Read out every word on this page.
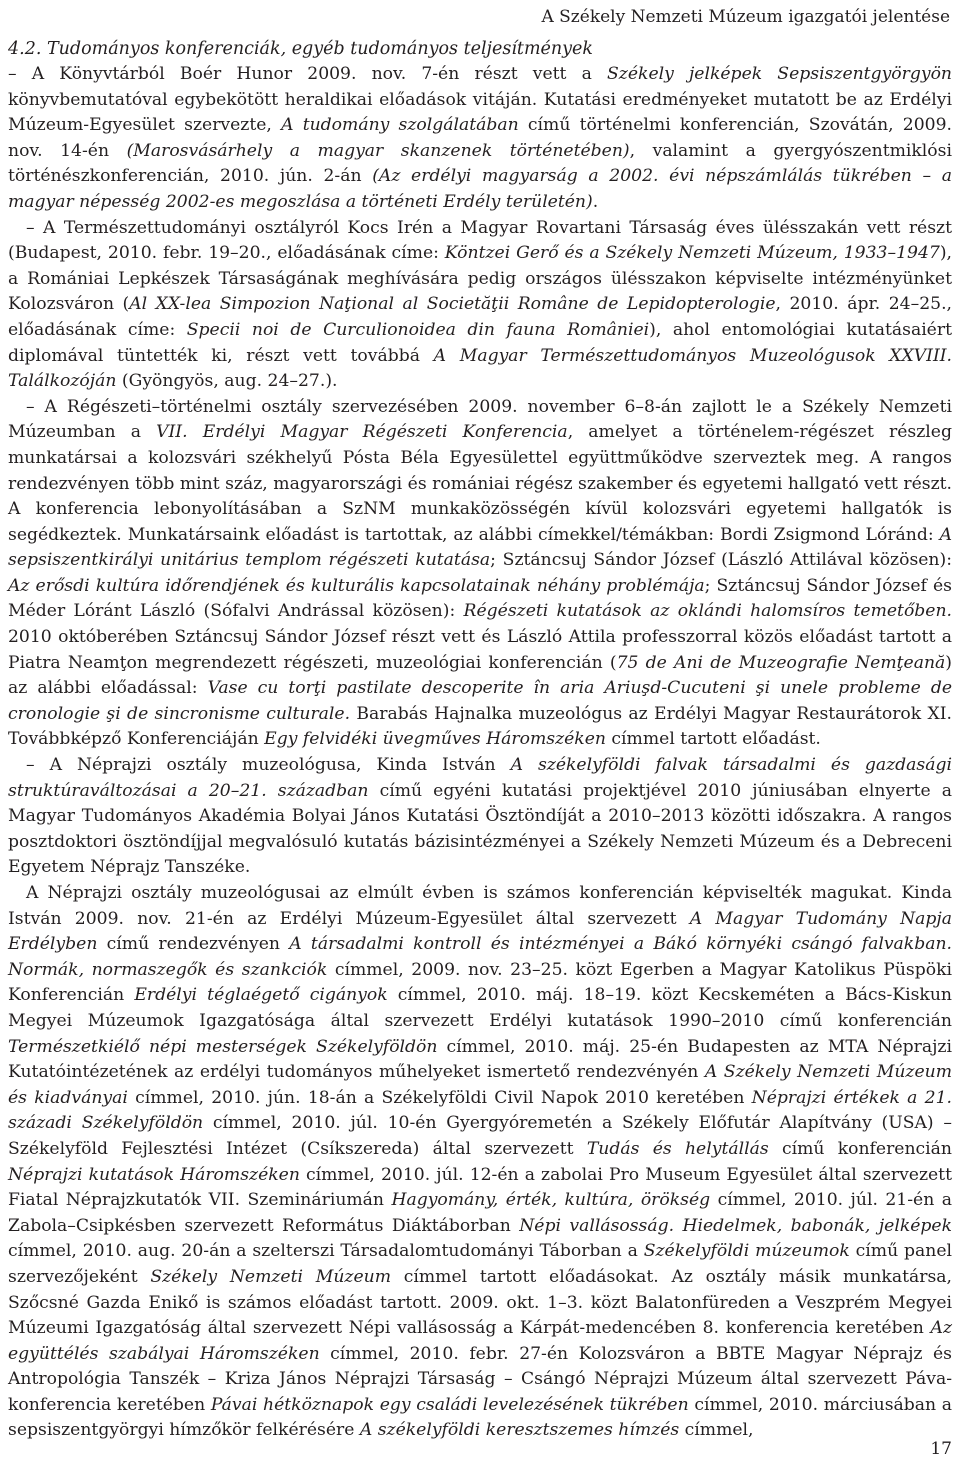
A Székely Nemzeti Múzeum igazgatói jelentése
4.2. Tudományos konferenciák, egyéb tudományos teljesítmények

– A Könyvtárból Boér Hunor 2009. nov. 7-én részt vett a Székely jelképek Sepsiszentgyörgyön könyvbemutatóval egybekötött heraldikai előadások vitáján. Kutatási eredményeket mutatott be az Erdélyi Múzeum-Egyesület szervezte, A tudomány szolgálatában című történelmi konferencián, Szovátán, 2009. nov. 14-én (Marosvásárhely a magyar skanzenek történetében), valamint a gyergyószentmiklósi történészkonferencián, 2010. jún. 2-án (Az erdélyi magyarság a 2002. évi népszámlálás tükrében – a magyar népesség 2002-es megoszlása a történeti Erdély területén).

– A Természettudományi osztályról Kocs Irén a Magyar Rovartani Társaság éves ülésszakán vett részt (Budapest, 2010. febr. 19–20., előadásának címe: Köntzei Gerő és a Székely Nemzeti Múzeum, 1933–1947), a Romániai Lepkészek Társaságának meghívására pedig országos ülésszakon képviselte intézményünket Kolozsváron (Al XX-lea Simpozion Naţional al Societăţii Române de Lepidopterologie, 2010. ápr. 24–25., előadásának címe: Specii noi de Curculionoidea din fauna României), ahol entomológiai kutatásaiért diplomával tüntették ki, részt vett továbbá A Magyar Természettudományos Muzeológusok XXVIII. Találkozóján (Gyöngyös, aug. 24–27.).

– A Régészeti–történelmi osztály szervezésében 2009. november 6–8-án zajlott le a Székely Nemzeti Múzeumban a VII. Erdélyi Magyar Régészeti Konferencia, amelyet a történelem-régészet részleg munkatársai a kolozsvári székhelyű Pósta Béla Egyesülettel együttműködve szerveztek meg. A rangos rendezvényen több mint száz, magyarországi és romániai régész szakember és egyetemi hallgató vett részt. A konferencia lebonyolításában a SzNM munkaközösségén kívül kolozsvári egyetemi hallgatók is segédkeztek. Munkatársaink előadást is tartottak, az alábbi címekkel/témákban: Bordi Zsigmond Lóránd: A sepsiszentkirályi unitárius templom régészeti kutatása; Sztáncsuj Sándor József (László Attilával közösen): Az erősdi kultúra időrendjének és kulturális kapcsolatainak néhány problémája; Sztáncsuj Sándor József és Méder Lóránt László (Sófalvi Andrással közösen): Régészeti kutatások az oklándi halomsíros temetőben. 2010 októberében Sztáncsuj Sándor József részt vett és László Attila professzorral közös előadást tartott a Piatra Neamţon megrendezett régészeti, muzeológiai konferencián (75 de Ani de Muzeografie Nemţeană) az alábbi előadással: Vase cu torţi pastilate descoperite în aria Ariuşd-Cucuteni şi unele probleme de cronologie şi de sincronisme culturale. Barabás Hajnalka muzeológus az Erdélyi Magyar Restaurátorok XI. Továbbképző Konferenciáján Egy felvidéki üvegműves Háromszéken címmel tartott előadást.

– A Néprajzi osztály muzeológusa, Kinda István A székelyföldi falvak társadalmi és gazdasági struktúraváltozásai a 20–21. században című egyéni kutatási projektjével 2010 júniusában elnyerte a Magyar Tudományos Akadémia Bolyai János Kutatási Ösztöndíját a 2010–2013 közötti időszakra. A rangos posztdoktori ösztöndíjjal megvalósuló kutatás bázisintézményei a Székely Nemzeti Múzeum és a Debreceni Egyetem Néprajz Tanszéke.

A Néprajzi osztály muzeológusai az elmúlt évben is számos konferencián képviselték magukat. Kinda István 2009. nov. 21-én az Erdélyi Múzeum-Egyesület által szervezett A Magyar Tudomány Napja Erdélyben című rendezvényen A társadalmi kontroll és intézményei a Bákó környéki csángó falvakban. Normák, normaszegők és szankciók címmel, 2009. nov. 23–25. közt Egerben a Magyar Katolikus Püspöki Konferencián Erdélyi téglaégető cigányok címmel, 2010. máj. 18–19. közt Kecskeméten a Bács-Kiskun Megyei Múzeumok Igazgatósága által szervezett Erdélyi kutatások 1990–2010 című konferencián Természetkiélő népi mesterségek Székelyföldön címmel, 2010. máj. 25-én Budapesten az MTA Néprajzi Kutatóintézetének az erdélyi tudományos műhelyeket ismertető rendezvényén A Székely Nemzeti Múzeum és kiadványai címmel, 2010. jún. 18-án a Székelyföldi Civil Napok 2010 keretében Néprajzi értékek a 21. századi Székelyföldön címmel, 2010. júl. 10-én Gyergyóremetén a Székely Előfutár Alapítvány (USA) – Székelyföld Fejlesztési Intézet (Csíkszereda) által szervezett Tudás és helytállás című konferencián Néprajzi kutatások Háromszéken címmel, 2010. júl. 12-én a zabolai Pro Museum Egyesület által szervezett Fiatal Néprajzkutatók VII. Szemináriumán Hagyomány, érték, kultúra, örökség címmel, 2010. júl. 21-én a Zabola–Csipkésben szervezett Református Diáktáborban Népi vallásosság. Hiedelmek, babonák, jelképek címmel, 2010. aug. 20-án a szelterszi Társadalomtudományi Táborban a Székelyföldi múzeumok című panel szervezőjeként Székely Nemzeti Múzeum címmel tartott előadásokat. Az osztály másik munkatársa, Szőcsné Gazda Enikő is számos előadást tartott. 2009. okt. 1–3. közt Balatonfüreden a Veszprém Megyei Múzeumi Igazgatóság által szervezett Népi vallásosság a Kárpát-medencében 8. konferencia keretében Az együttélés szabályai Háromszéken címmel, 2010. febr. 27-én Kolozsváron a BBTE Magyar Néprajz és Antropológia Tanszék – Kriza János Néprajzi Társaság – Csángó Néprajzi Múzeum által szervezett Páva-konferencia keretében Pávai hétköznapok egy családi levelezésének tükrében címmel, 2010. márciusában a sepsiszentgyörgyi hímzőkör felkérésére A székelyföldi keresztszemes hímzés címmel,

17
